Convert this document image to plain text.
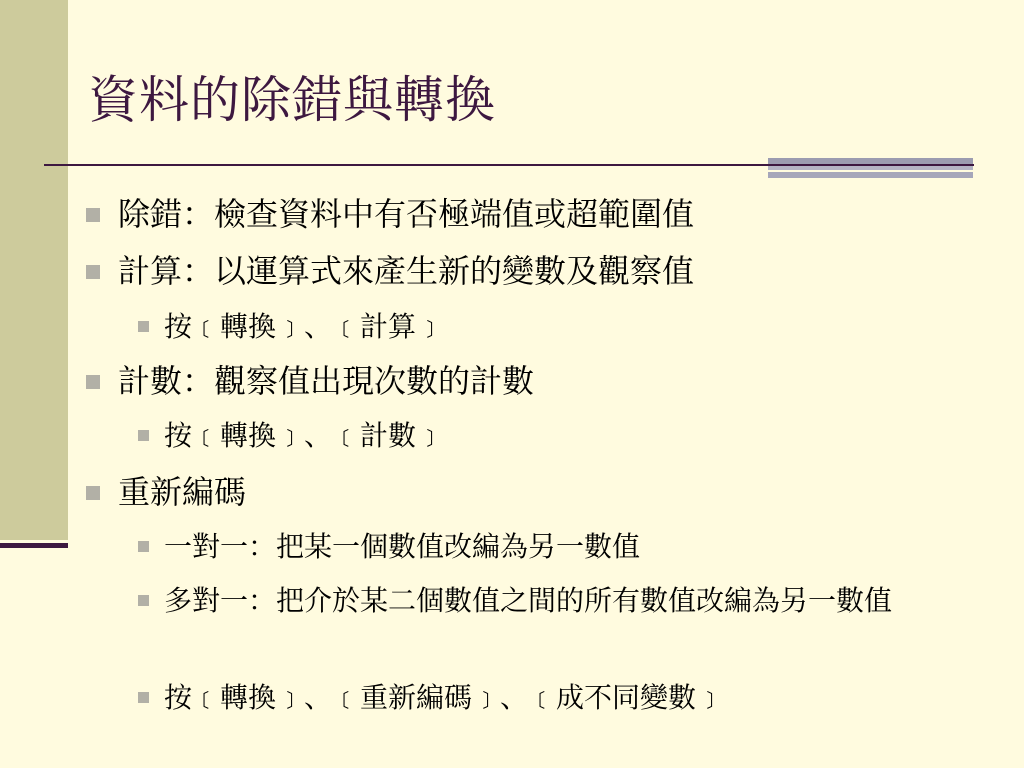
資料的除錯與轉換
除錯：檢查資料中有否極端值或超範圍值
計算：以運算式來產生新的變數及觀察值
按﹝轉換﹞、﹝計算﹞
計數：觀察值出現次數的計數
按﹝轉換﹞、﹝計數﹞
重新編碼
一對一：把某一個數值改編為另一數值
多對一：把介於某二個數值之間的所有數值改編為另一數值
按﹝轉換﹞、﹝重新編碼﹞、﹝成不同變數﹞
